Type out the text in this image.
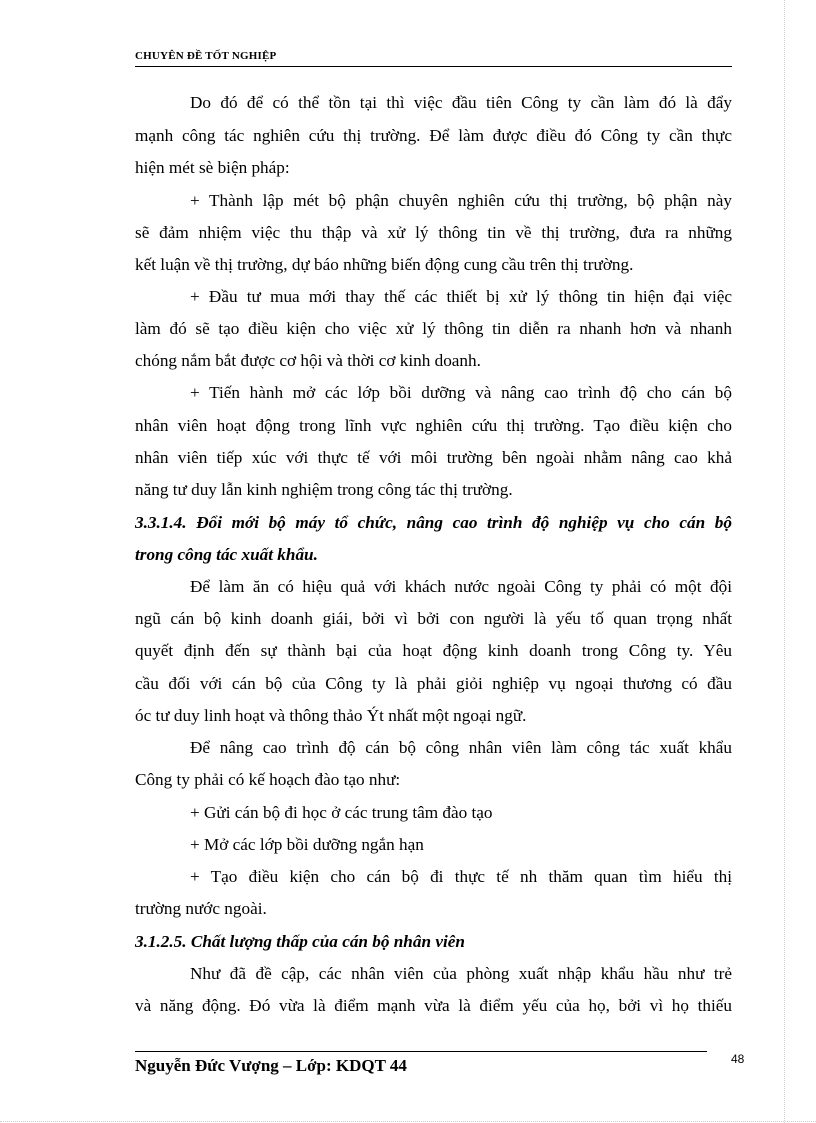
CHUYÊN ĐỀ TỐT NGHIỆP
Do đó để có thể tồn tại thì việc đầu tiên Công ty cần làm đó là đẩy
mạnh công tác nghiên cứu thị trường. Để làm được điều đó Công ty cần thực
hiện mét sè biện pháp:
+ Thành lập mét bộ phận chuyên nghiên cứu thị trường, bộ phận này
sẽ đảm nhiệm việc thu thập và xử lý thông tin về thị trường, đưa ra những
kết luận về thị trường, dự báo những biến động cung cầu trên thị trường.
+ Đầu tư mua mới thay thế các thiết bị xử lý thông tin hiện đại việc
làm đó sẽ tạo điều kiện cho việc xử lý thông tin diễn ra nhanh hơn và nhanh
chóng nắm bắt được cơ hội và thời cơ kinh doanh.
+ Tiến hành mở các lớp bồi dưỡng và nâng cao trình độ cho cán bộ
nhân viên hoạt động trong lĩnh vực nghiên cứu thị trường. Tạo điều kiện cho
nhân viên tiếp xúc với thực tế với môi trường bên ngoài nhằm nâng cao khả
năng tư duy lẫn kinh nghiệm trong công tác thị trường.
3.3.1.4. Đổi mới bộ máy tổ chức, nâng cao trình độ nghiệp vụ cho cán bộ
trong công tác xuất khẩu.
Để làm ăn có hiệu quả với khách nước ngoài Công ty phải có một đội
ngũ cán bộ kinh doanh giái, bởi vì bởi con người là yếu tố quan trọng nhất
quyết định đến sự thành bại của hoạt động kinh doanh trong Công ty. Yêu
cầu đối với cán bộ của Công ty là phải giỏi nghiệp vụ ngoại thương có đầu
óc tư duy linh hoạt và thông thảo Ýt nhất một ngoại ngữ.
Để nâng cao trình độ cán bộ công nhân viên làm công tác xuất khẩu
Công ty phải có kế hoạch đào tạo như:
+ Gửi cán bộ đi học ở các trung tâm đào tạo
+ Mở các lớp bồi dưỡng ngắn hạn
+ Tạo điều kiện cho cán bộ đi thực tế nh thăm quan tìm hiểu thị
trường nước ngoài.
3.1.2.5. Chất lượng thấp của cán bộ nhân viên
Như đã đề cập, các nhân viên của phòng xuất nhập khẩu hầu như trẻ
và năng động. Đó vừa là điểm mạnh vừa là điểm yếu của họ, bởi vì họ thiếu
Nguyễn Đức Vượng – Lớp: KDQT 44	48
